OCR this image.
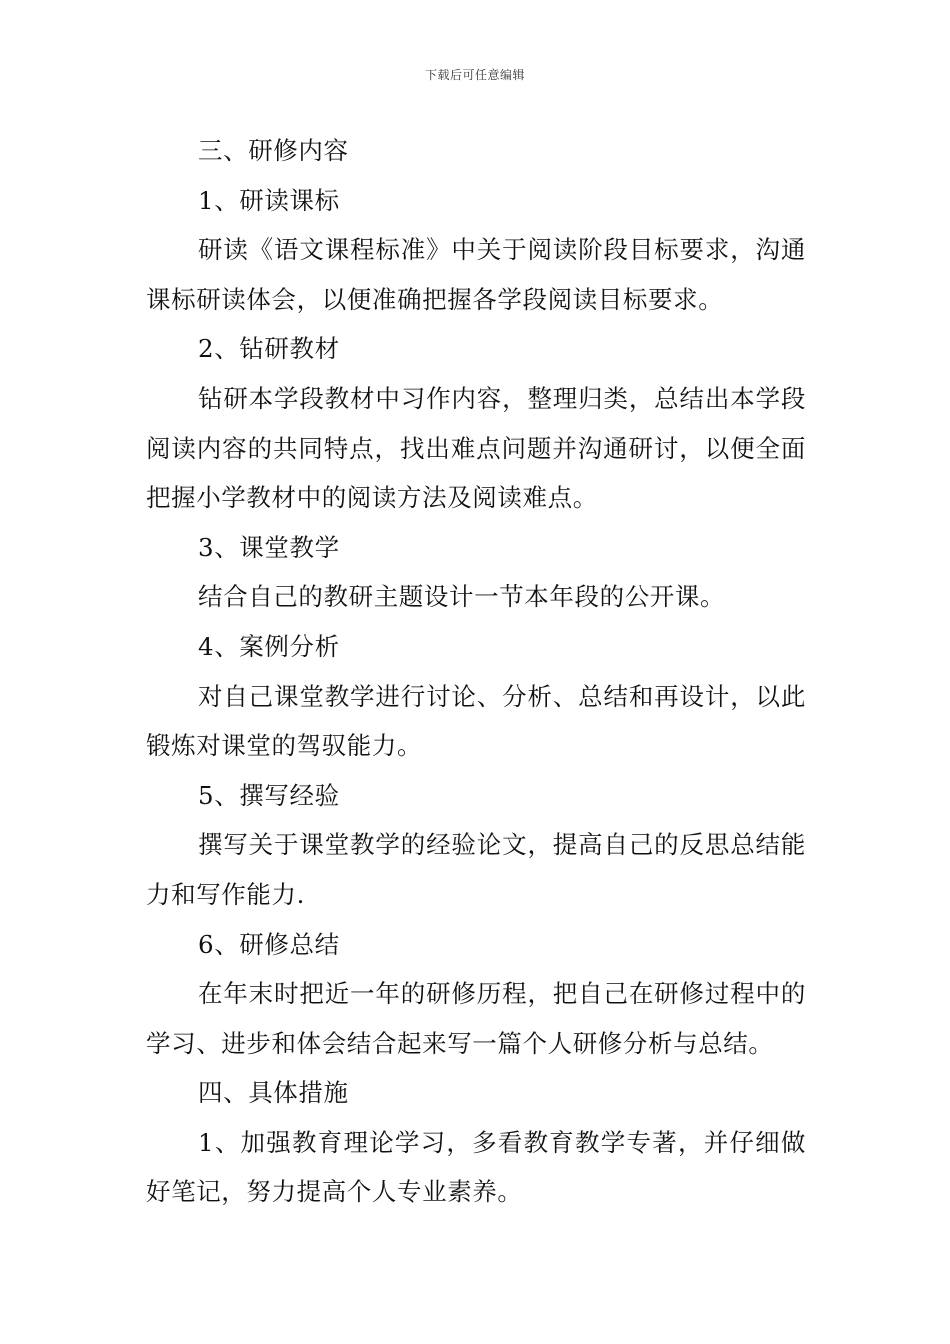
下载后可任意编辑

三、研修内容

1、研读课标

研读《语文课程标准》中关于阅读阶段目标要求，沟通课标研读体会，以便准确把握各学段阅读目标要求。

2、钻研教材

钻研本学段教材中习作内容，整理归类，总结出本学段阅读内容的共同特点，找出难点问题并沟通研讨，以便全面把握小学教材中的阅读方法及阅读难点。

3、课堂教学

结合自己的教研主题设计一节本年段的公开课。

4、案例分析

对自己课堂教学进行讨论、分析、总结和再设计，以此锻炼对课堂的驾驭能力。

5、撰写经验

撰写关于课堂教学的经验论文，提高自己的反思总结能力和写作能力.

6、研修总结

在年末时把近一年的研修历程，把自己在研修过程中的学习、进步和体会结合起来写一篇个人研修分析与总结。

四、具体措施

1、加强教育理论学习，多看教育教学专著，并仔细做好笔记，努力提高个人专业素养。
